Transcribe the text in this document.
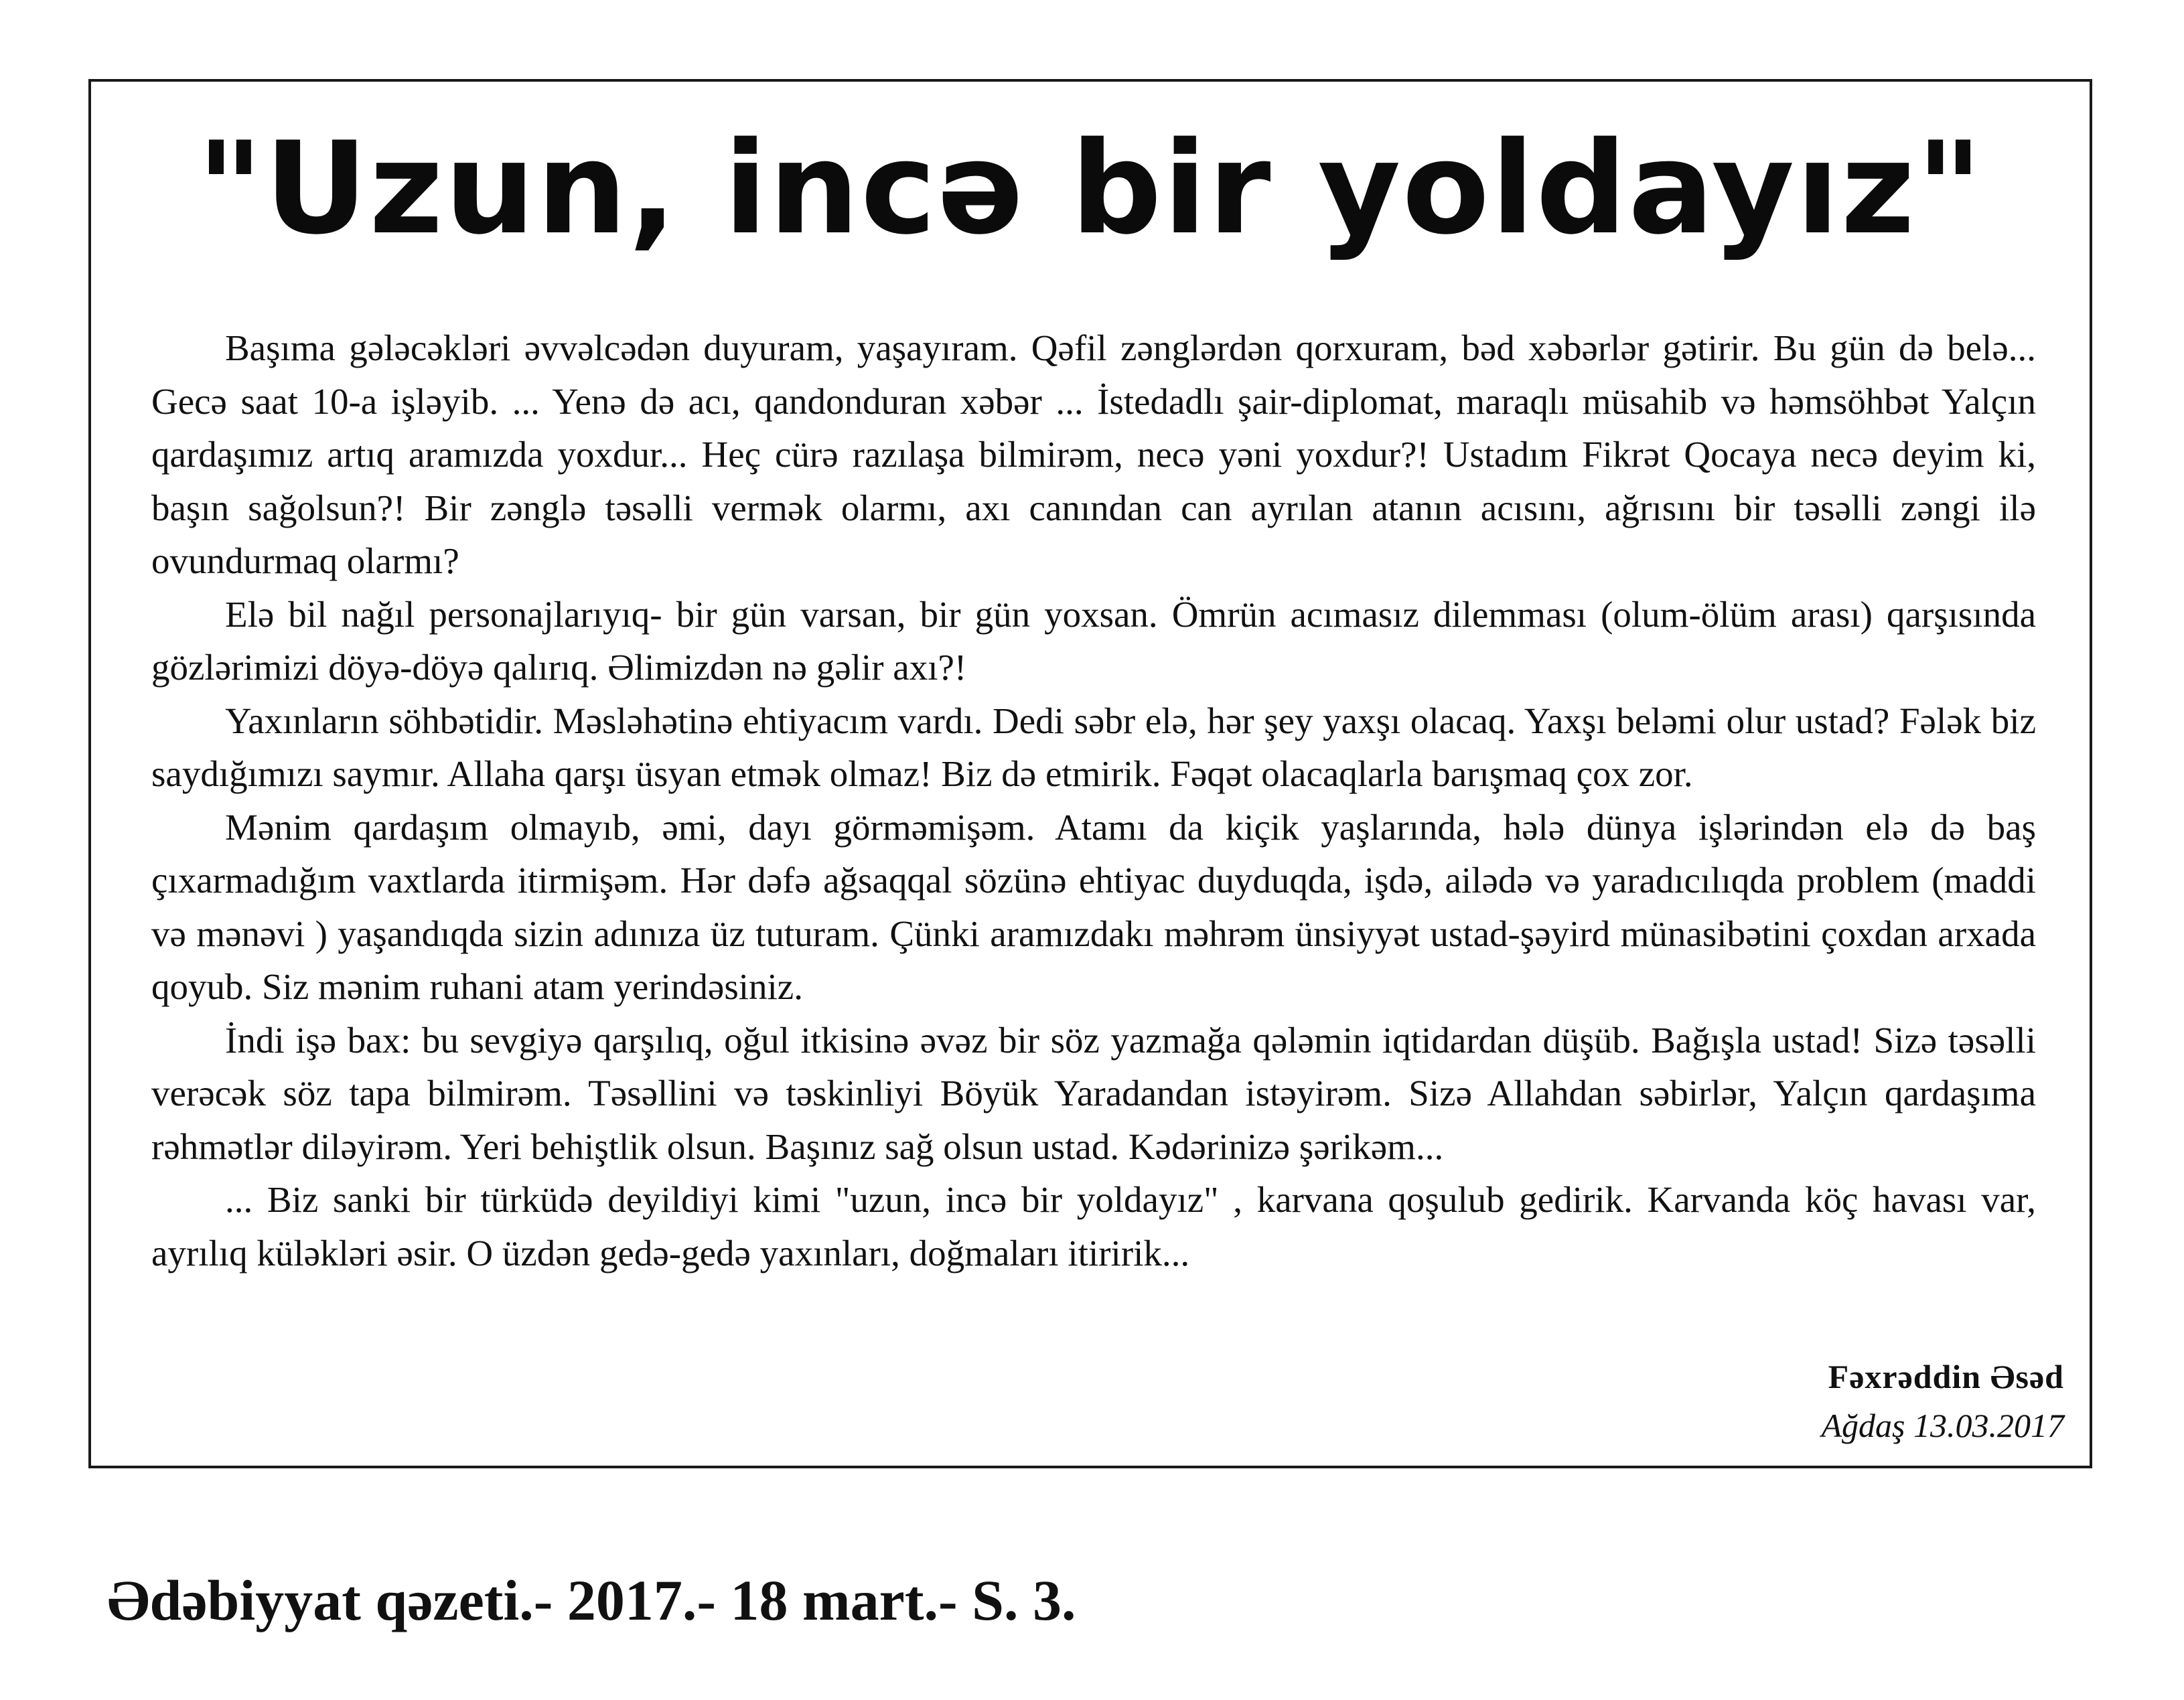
"Uzun, incə bir yoldayız"

Başıma gələcəkləri əvvəlcədən duyuram, yaşayıram. Qəfil zənglərdən qorxuram, bəd xəbərlər gətirir. Bu gün də belə... Gecə saat 10-a işləyib. ... Yenə də acı, qandonduran xəbər ... İstedadlı şair-diplomat, maraqlı müsahib və həmsöhbət Yalçın qardaşımız artıq aramızda yoxdur... Heç cürə razılaşa bilmirəm, necə yəni yoxdur?! Ustadım Fikrət Qocaya necə deyim ki, başın sağolsun?! Bir zənglə təsəlli vermək olarmı, axı canından can ayrılan atanın acısını, ağrısını bir təsəlli zəngi ilə ovundurmaq olarmı?

Elə bil nağıl personajlarıyıq- bir gün varsan, bir gün yoxsan. Ömrün acımasız dilemması (olum-ölüm arası) qarşısında gözlərimizi döyə-döyə qalırıq. Əlimizdən nə gəlir axı?!

Yaxınların söhbətidir. Məsləhətinə ehtiyacım vardı. Dedi səbr elə, hər şey yaxşı olacaq. Yaxşı beləmi olur ustad? Fələk biz saydığımızı saymır. Allaha qarşı üsyan etmək olmaz! Biz də etmirik. Fəqət olacaqlarla barışmaq çox zor.

Mənim qardaşım olmayıb, əmi, dayı görməmişəm. Atamı da kiçik yaşlarında, hələ dünya işlərindən elə də baş çıxarmadığım vaxtlarda itirmişəm. Hər dəfə ağsaqqal sözünə ehtiyac duyduqda, işdə, ailədə və yaradıcılıqda problem (maddi və mənəvi ) yaşandıqda sizin adınıza üz tuturam. Çünki aramızdakı məhrəm ünsiyyət ustad-şəyird münasibətini çoxdan arxada qoyub. Siz mənim ruhani atam yerindəsiniz.

İndi işə bax: bu sevgiyə qarşılıq, oğul itkisinə əvəz bir söz yazmağa qələmin iqtidardan düşüb. Bağışla ustad! Sizə təsəlli verəcək söz tapa bilmirəm. Təsəllini və təskinliyi Böyük Yaradandan istəyirəm. Sizə Allahdan səbirlər, Yalçın qardaşıma rəhmətlər diləyirəm. Yeri behiştlik olsun. Başınız sağ olsun ustad. Kədərinizə şərikəm...

... Biz sanki bir türküdə deyildiyi kimi "uzun, incə bir yoldayız" , karvana qoşulub gedirik. Karvanda köç havası var, ayrılıq küləkləri əsir. O üzdən gedə-gedə yaxınları, doğmaları itiririk...

Fəxrəddin Əsəd
Ağdaş 13.03.2017
Ədəbiyyat qəzeti.- 2017.- 18 mart.- S. 3.
